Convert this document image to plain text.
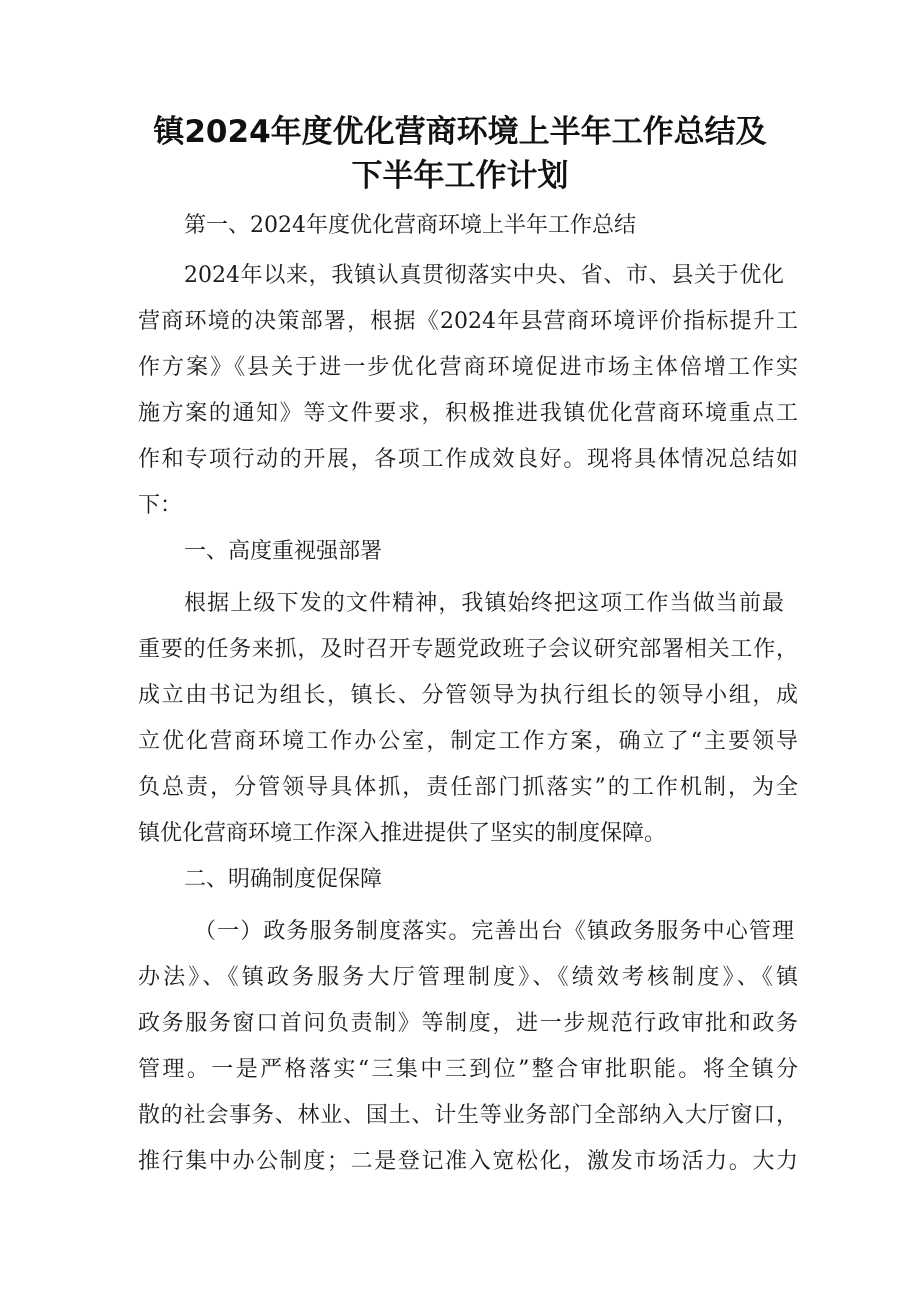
镇2024年度优化营商环境上半年工作总结及
下半年工作计划
第一、2024年度优化营商环境上半年工作总结
2024年以来，我镇认真贯彻落实中央、省、市、县关于优化
营商环境的决策部署，根据《2024年县营商环境评价指标提升工
作方案》《县关于进一步优化营商环境促进市场主体倍增工作实
施方案的通知》等文件要求，积极推进我镇优化营商环境重点工
作和专项行动的开展，各项工作成效良好。现将具体情况总结如
下：
一、高度重视强部署
根据上级下发的文件精神，我镇始终把这项工作当做当前最
重要的任务来抓，及时召开专题党政班子会议研究部署相关工作，
成立由书记为组长，镇长、分管领导为执行组长的领导小组，成
立优化营商环境工作办公室，制定工作方案，确立了“主要领导
负总责，分管领导具体抓，责任部门抓落实”的工作机制，为全
镇优化营商环境工作深入推进提供了坚实的制度保障。
二、明确制度促保障
（一）政务服务制度落实。完善出台《镇政务服务中心管理
办法》、《镇政务服务大厅管理制度》、《绩效考核制度》、《镇
政务服务窗口首问负责制》等制度，进一步规范行政审批和政务
管理。一是严格落实“三集中三到位”整合审批职能。将全镇分
散的社会事务、林业、国土、计生等业务部门全部纳入大厅窗口，
推行集中办公制度；二是登记准入宽松化，激发市场活力。大力
